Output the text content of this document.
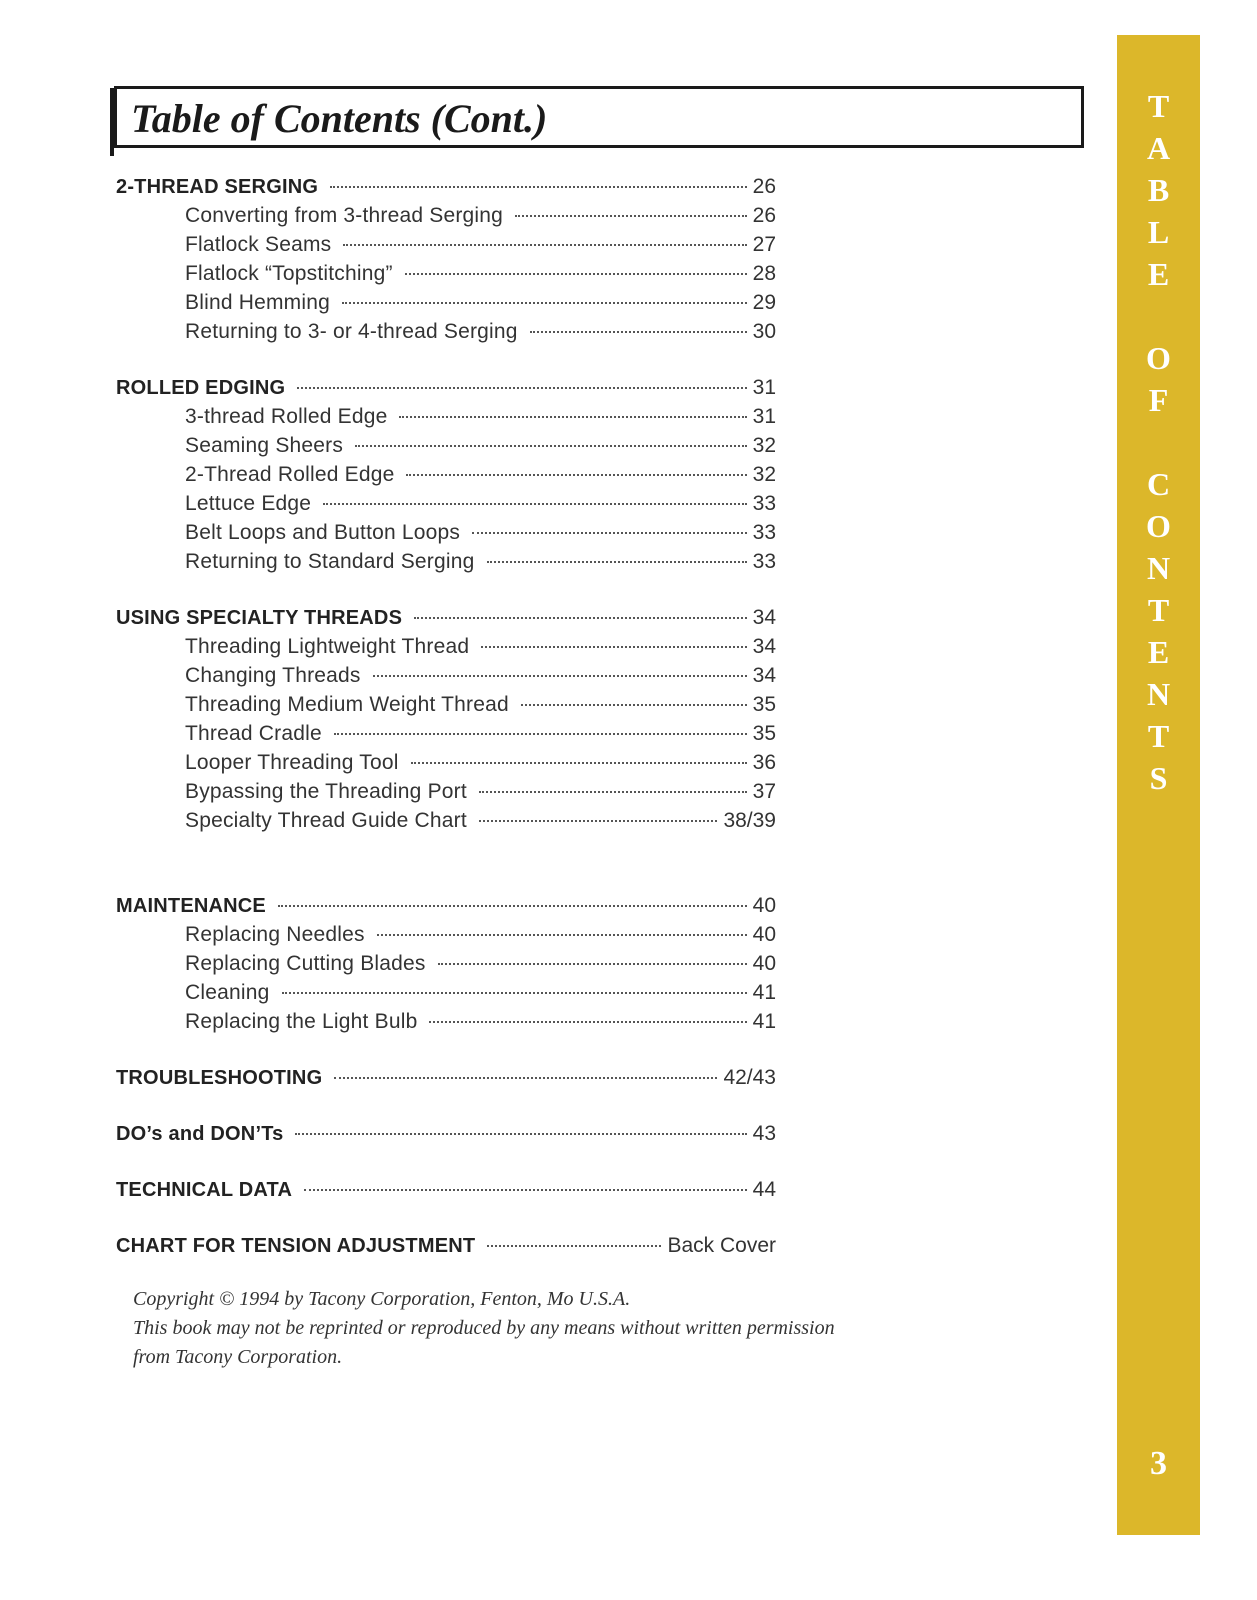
Table of Contents (Cont.)
2-THREAD SERGING	26
Converting from 3-thread Serging	26
Flatlock Seams	27
Flatlock “Topstitching”	28
Blind Hemming	29
Returning to 3- or 4-thread Serging	30
ROLLED EDGING	31
3-thread Rolled Edge	31
Seaming Sheers	32
2-Thread Rolled Edge	32
Lettuce Edge	33
Belt Loops and Button Loops	33
Returning to Standard Serging	33
USING SPECIALTY THREADS	34
Threading Lightweight Thread	34
Changing Threads	34
Threading Medium Weight Thread	35
Thread Cradle	35
Looper Threading Tool	36
Bypassing the Threading Port	37
Specialty Thread Guide Chart	38/39
MAINTENANCE	40
Replacing Needles	40
Replacing Cutting Blades	40
Cleaning	41
Replacing the Light Bulb	41
TROUBLESHOOTING	42/43
DO’s and DON’Ts	43
TECHNICAL DATA	44
CHART FOR TENSION ADJUSTMENT	Back Cover
Copyright © 1994 by Tacony Corporation, Fenton, Mo U.S.A.
This book may not be reprinted or reproduced by any means without written permission
from Tacony Corporation.
T
A
B
L
E
O
F
C
O
N
T
E
N
T
S
3
